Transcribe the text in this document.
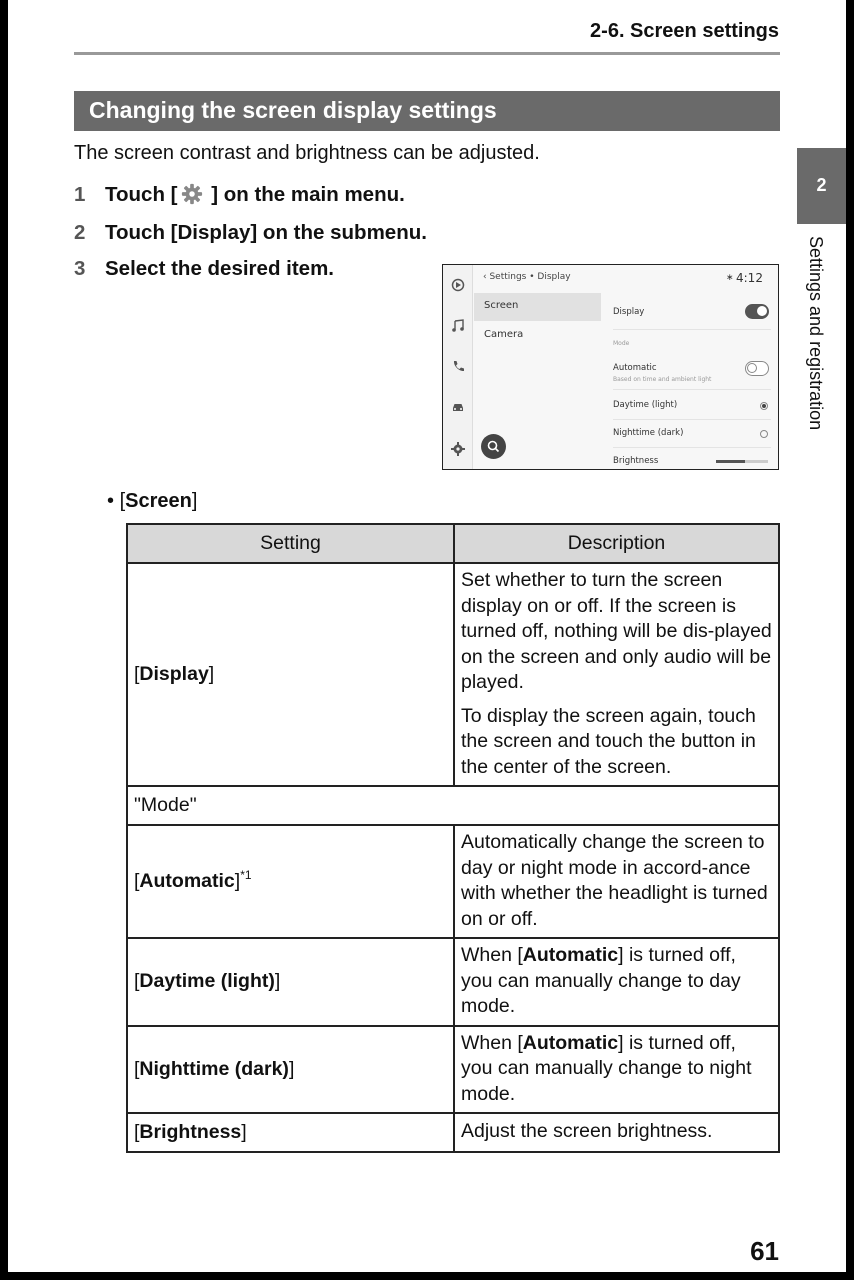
2-6. Screen settings
Changing the screen display settings
The screen contrast and brightness can be adjusted.
1 Touch [ ] on the main menu.
2 Touch [Display] on the submenu.
3 Select the desired item.
2
Settings and registration
‹ Settings • Display	∗ 4:12
Screen
Camera
Display
Mode
Automatic
Based on time and ambient light
Daytime (light)
Nighttime (dark)
Brightness
• [Screen]
Setting	Description
[Display]	Set whether to turn the screen display on or off. If the screen is turned off, nothing will be dis-played on the screen and only audio will be played.

To display the screen again, touch the screen and touch the button in the center of the screen.

"Mode"	
[Automatic]$^{*1}$	Automatically change the screen to day or night mode in accord-ance with whether the headlight is turned on or off.
[Daytime (light)]	When [Automatic] is turned off, you can manually change to day mode.
[Nighttime (dark)]	When [Automatic] is turned off, you can manually change to night mode.
[Brightness]	Adjust the screen brightness.
61
